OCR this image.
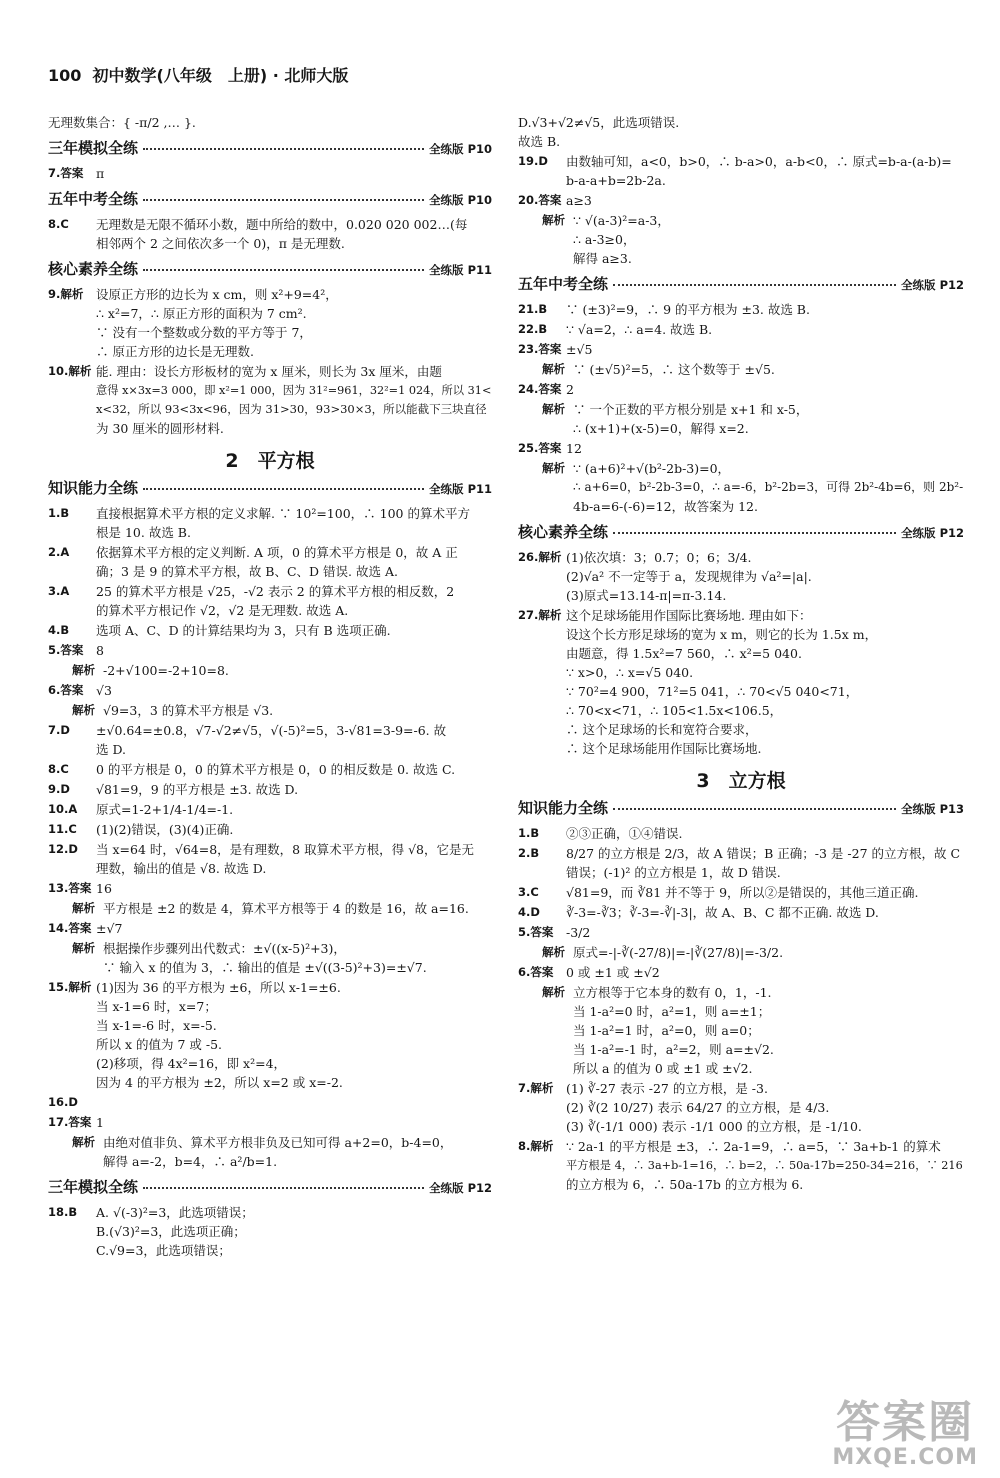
100 初中数学(八年级　上册) · 北师大版
无理数集合：{ -π/2 ,… }.
三年模拟全练	全练版 P10
7.答案	π
五年中考全练	全练版 P10
8.C	无理数是无限不循环小数，题中所给的数中，0.020 020 002…(每
相邻两个 2 之间依次多一个 0)，π 是无理数.
核心素养全练	全练版 P11
9.解析	设原正方形的边长为 x cm，则 x²+9=4²，
∴ x²=7，∴ 原正方形的面积为 7 cm².
∵ 没有一个整数或分数的平方等于 7，
∴ 原正方形的边长是无理数.
10.解析 能. 理由：设长方形板材的宽为 x 厘米，则长为 3x 厘米，由题
意得 x×3x=3 000，即 x²=1 000，因为 31²=961，32²=1 024，所以 31<
x<32，所以 93<3x<96，因为 31>30，93>30×3，所以能截下三块直径
为 30 厘米的圆形材料.
2　平方根
知识能力全练	全练版 P11
1.B	直接根据算术平方根的定义求解. ∵ 10²=100，∴ 100 的算术平方
根是 10. 故选 B.
2.A	依据算术平方根的定义判断. A 项，0 的算术平方根是 0，故 A 正
确；3 是 9 的算术平方根，故 B、C、D 错误. 故选 A.
3.A	25 的算术平方根是 √25，-√2 表示 2 的算术平方根的相反数，2
的算术平方根记作 √2，√2 是无理数. 故选 A.
4.B	选项 A、C、D 的计算结果均为 3，只有 B 选项正确.
5.答案	8
解析 -2+√100=-2+10=8.
6.答案	√3
解析 √9=3，3 的算术平方根是 √3.
7.D	±√0.64=±0.8，√7-√2≠√5，√(-5)²=5，3-√81=3-9=-6. 故
选 D.
8.C	0 的平方根是 0，0 的算术平方根是 0，0 的相反数是 0. 故选 C.
9.D	√81=9，9 的平方根是 ±3. 故选 D.
10.A	原式=1-2+1/4-1/4=-1.
11.C	(1)(2)错误，(3)(4)正确.
12.D	当 x=64 时，√64=8，是有理数，8 取算术平方根，得 √8，它是无
理数，输出的值是 √8. 故选 D.
13.答案 16
解析 平方根是 ±2 的数是 4，算术平方根等于 4 的数是 16，故 a=16.
14.答案 ±√7
解析 根据操作步骤列出代数式：±√((x-5)²+3)，
∵ 输入 x 的值为 3，∴ 输出的值是 ±√((3-5)²+3)=±√7.
15.解析 (1)因为 36 的平方根为 ±6，所以 x-1=±6.
当 x-1=6 时，x=7；
当 x-1=-6 时，x=-5.
所以 x 的值为 7 或 -5.
(2)移项，得 4x²=16，即 x²=4，
因为 4 的平方根为 ±2，所以 x=2 或 x=-2.
16.D
17.答案 1
解析 由绝对值非负、算术平方根非负及已知可得 a+2=0，b-4=0，
解得 a=-2，b=4，∴ a²/b=1.
三年模拟全练	全练版 P12
18.B	A. √(-3)²=3，此选项错误；
B.(√3)²=3，此选项正确；
C.√9=3，此选项错误；
D.√3+√2≠√5，此选项错误.
故选 B.
19.D	由数轴可知，a<0，b>0，∴ b-a>0，a-b<0，∴ 原式=b-a-(a-b)=
b-a-a+b=2b-2a.
20.答案 a≥3
解析 ∵ √(a-3)²=a-3，
∴ a-3≥0，
解得 a≥3.
五年中考全练	全练版 P12
21.B	∵ (±3)²=9，∴ 9 的平方根为 ±3. 故选 B.
22.B	∵ √a=2，∴ a=4. 故选 B.
23.答案 ±√5
解析 ∵ (±√5)²=5，∴ 这个数等于 ±√5.
24.答案 2
解析 ∵ 一个正数的平方根分别是 x+1 和 x-5，
∴ (x+1)+(x-5)=0，解得 x=2.
25.答案 12
解析 ∵ (a+6)²+√(b²-2b-3)=0，
∴ a+6=0，b²-2b-3=0，∴ a=-6，b²-2b=3，可得 2b²-4b=6，则 2b²-
4b-a=6-(-6)=12，故答案为 12.
核心素养全练	全练版 P12
26.解析 (1)依次填：3；0.7；0；6；3/4.
(2)√a² 不一定等于 a，发现规律为 √a²=|a|.
(3)原式=13.14-π|=π-3.14.
27.解析 这个足球场能用作国际比赛场地. 理由如下：
设这个长方形足球场的宽为 x m，则它的长为 1.5x m，
由题意，得 1.5x²=7 560，∴ x²=5 040.
∵ x>0，∴ x=√5 040.
∵ 70²=4 900，71²=5 041，∴ 70<√5 040<71，
∴ 70<x<71，∴ 105<1.5x<106.5，
∴ 这个足球场的长和宽符合要求，
∴ 这个足球场能用作国际比赛场地.
3　立方根
知识能力全练	全练版 P13
1.B	②③正确，①④错误.
2.B	8/27 的立方根是 2/3，故 A 错误；B 正确；-3 是 -27 的立方根，故 C
错误；(-1)² 的立方根是 1，故 D 错误.
3.C	√81=9，而 ∛81 并不等于 9，所以②是错误的，其他三道正确.
4.D	∛-3=-∛3；∛-3=-∛|-3|，故 A、B、C 都不正确. 故选 D.
5.答案	-3/2
解析 原式=-|-∛(-27/8)|=-|∛(27/8)|=-3/2.
6.答案	0 或 ±1 或 ±√2
解析 立方根等于它本身的数有 0，1，-1.
当 1-a²=0 时，a²=1，则 a=±1；
当 1-a²=1 时，a²=0，则 a=0；
当 1-a²=-1 时，a²=2，则 a=±√2.
所以 a 的值为 0 或 ±1 或 ±√2.
7.解析	(1) ∛-27 表示 -27 的立方根，是 -3.
(2) ∛(2 10/27) 表示 64/27 的立方根，是 4/3.
(3) ∛(-1/1 000) 表示 -1/1 000 的立方根，是 -1/10.
8.解析	∵ 2a-1 的平方根是 ±3，∴ 2a-1=9，∴ a=5，∵ 3a+b-1 的算术
平方根是 4，∴ 3a+b-1=16，∴ b=2，∴ 50a-17b=250-34=216，∵ 216
的立方根为 6，∴ 50a-17b 的立方根为 6.
答案圈
MXQE.COM
